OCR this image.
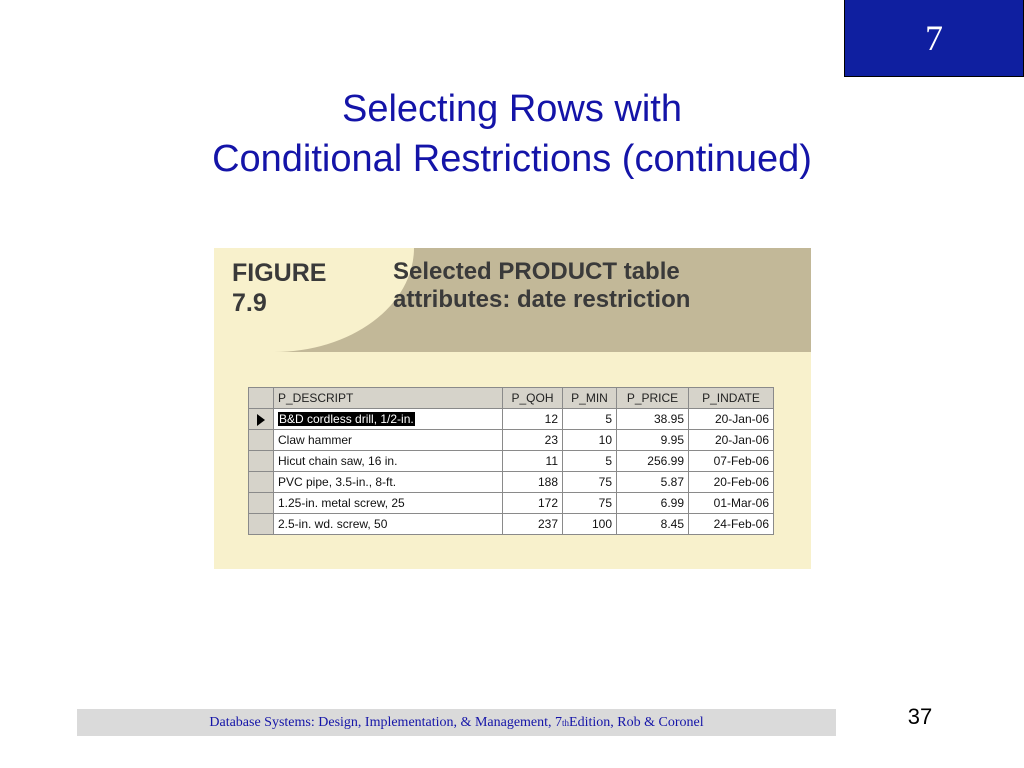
7
Selecting Rows with
Conditional Restrictions (continued)
FIGURE
7.9
Selected PRODUCT table
attributes: date restriction
	P_DESCRIPT	P_QOH	P_MIN	P_PRICE	P_INDATE
	B&D cordless drill, 1/2-in.	12	5	38.95	20-Jan-06
	Claw hammer	23	10	9.95	20-Jan-06
	Hicut chain saw, 16 in.	11	5	256.99	07-Feb-06
	PVC pipe, 3.5-in., 8-ft.	188	75	5.87	20-Feb-06
	1.25-in. metal screw, 25	172	75	6.99	01-Mar-06
	2.5-in. wd. screw, 50	237	100	8.45	24-Feb-06
Database Systems: Design, Implementation, & Management, 7 th Edition, Rob & Coronel	37
